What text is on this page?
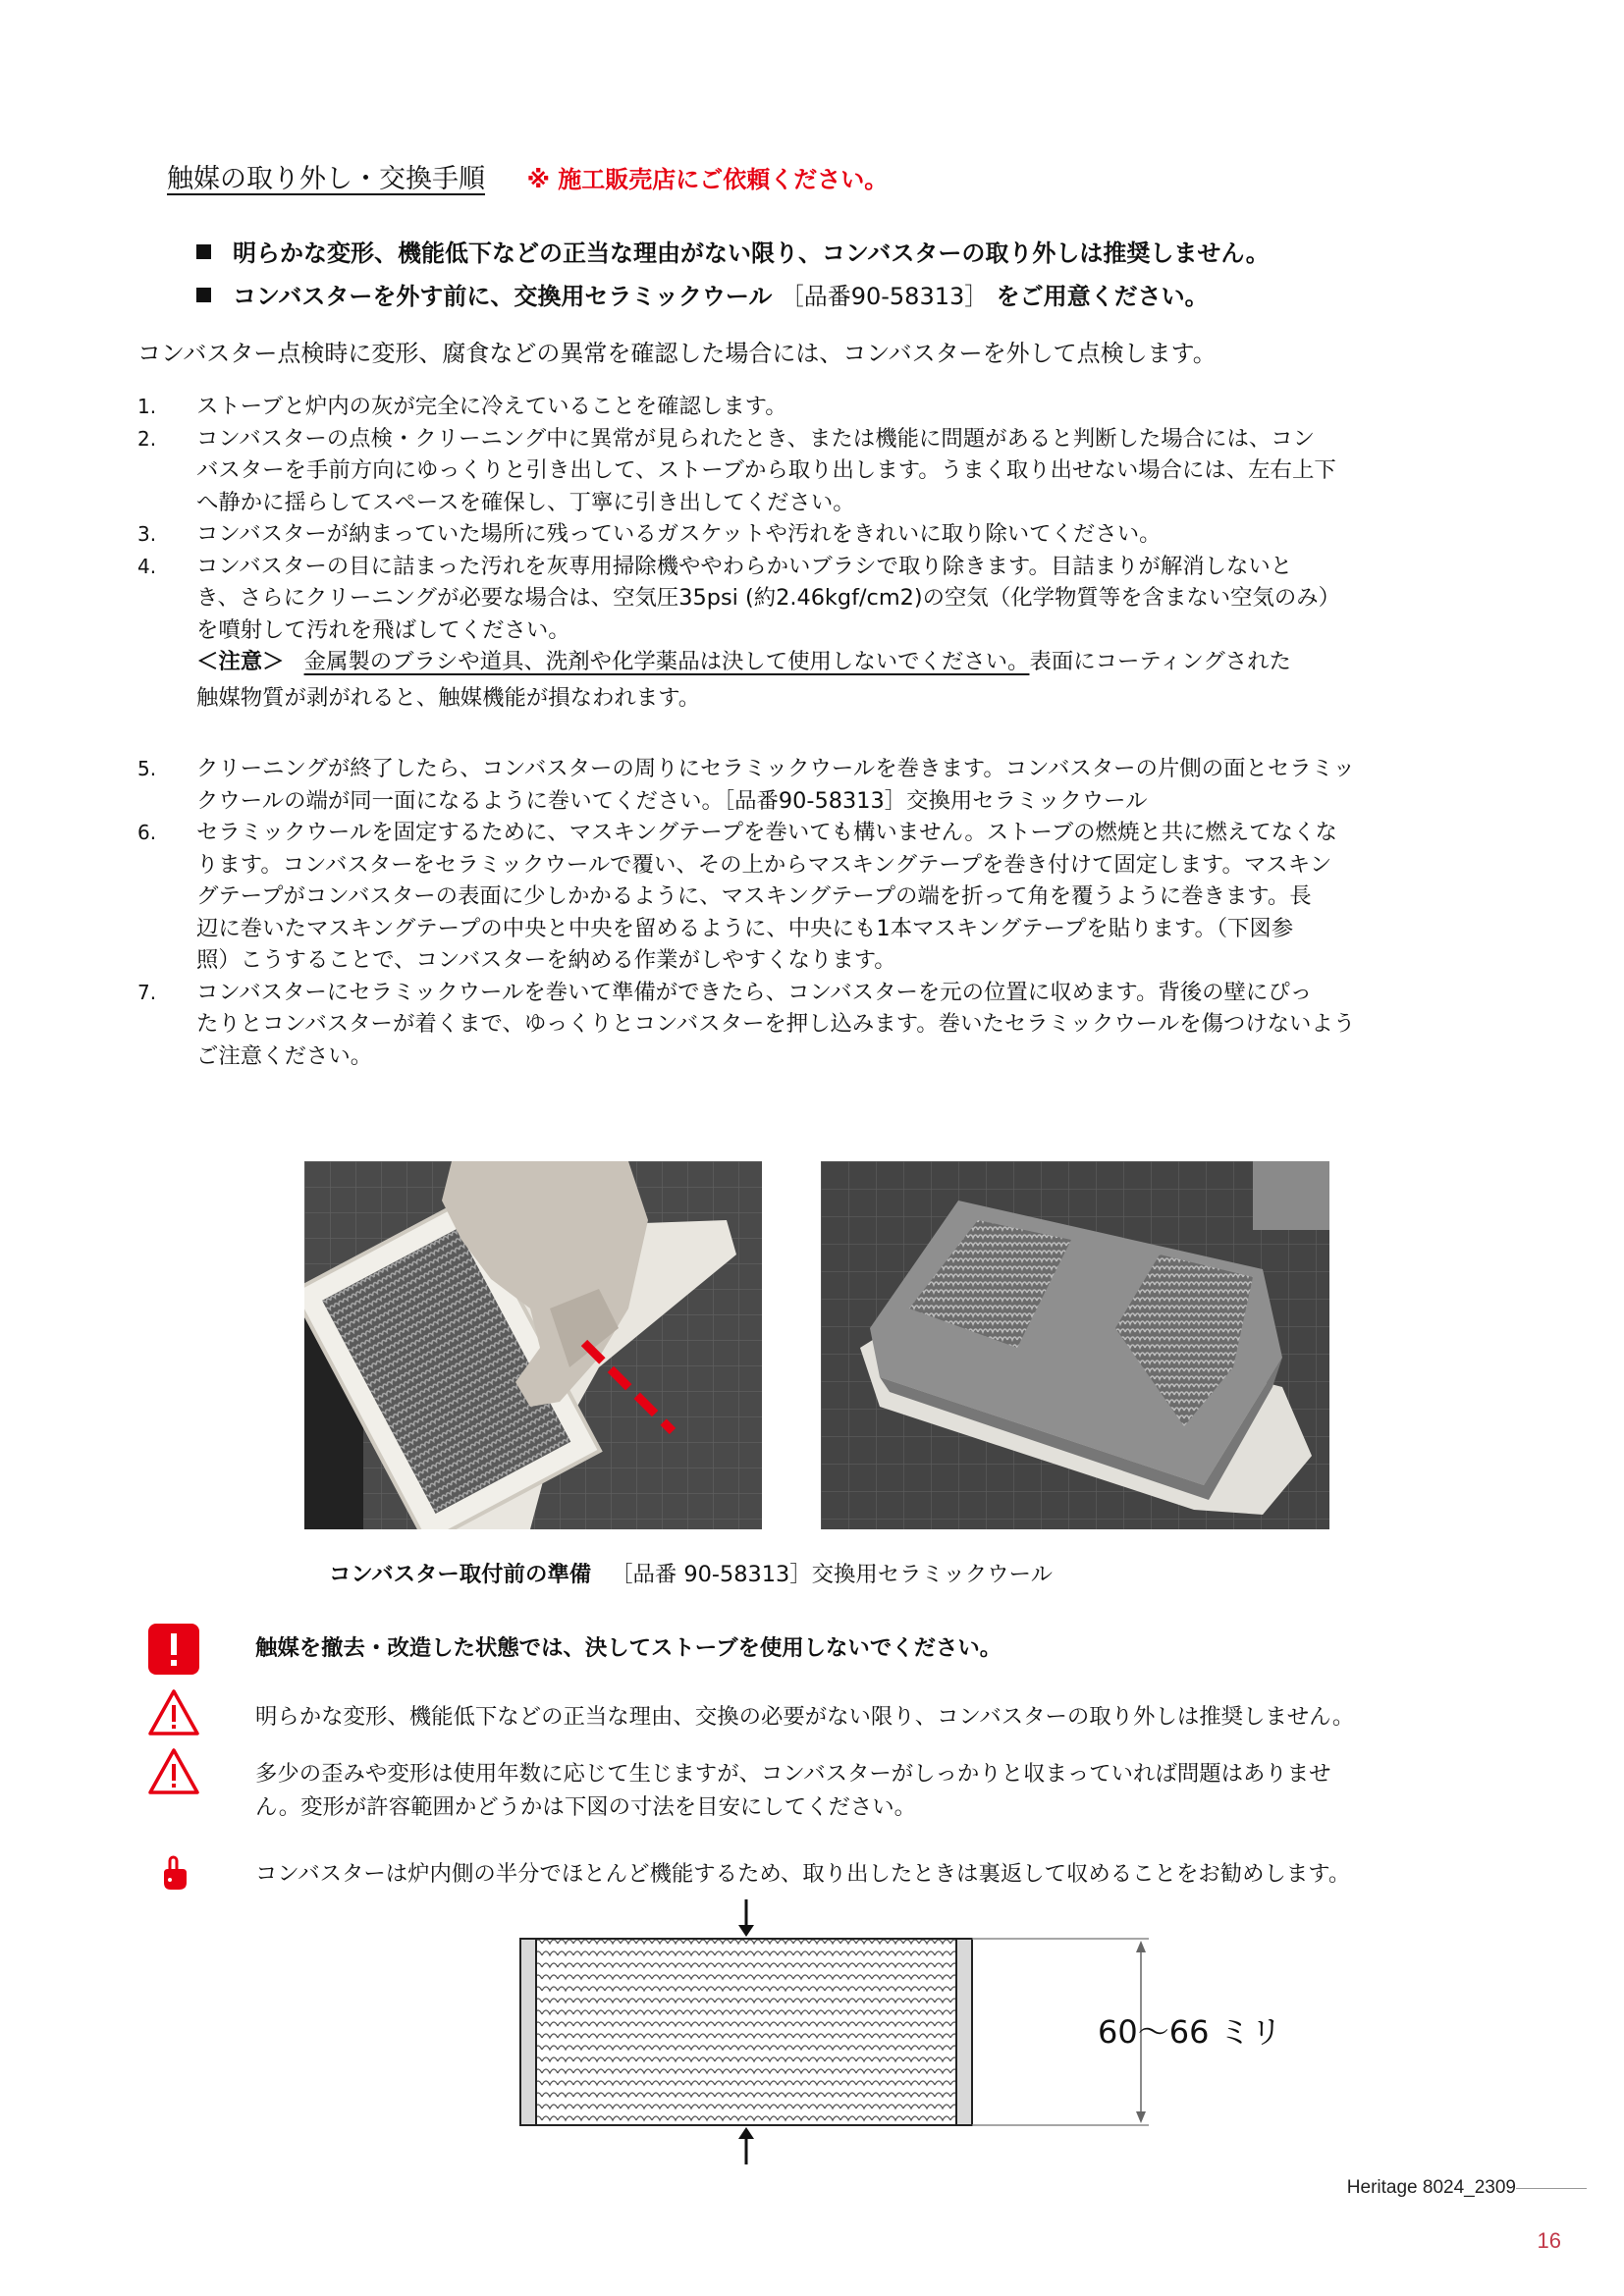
触媒の取り外し・交換手順 ※ 施工販売店にご依頼ください。
明らかな変形、機能低下などの正当な理由がない限り、コンバスターの取り外しは推奨しません。
コンバスターを外す前に、交換用セラミックウール ［品番90-58313］ をご用意ください。
コンバスター点検時に変形、腐食などの異常を確認した場合には、コンバスターを外して点検します。
1.	ストーブと炉内の灰が完全に冷えていることを確認します。
2.	コンバスターの点検・クリーニング中に異常が見られたとき、または機能に問題があると判断した場合には、コン
バスターを手前方向にゆっくりと引き出して、ストーブから取り出します。うまく取り出せない場合には、左右上下
へ静かに揺らしてスペースを確保し、丁寧に引き出してください。
3.	コンバスターが納まっていた場所に残っているガスケットや汚れをきれいに取り除いてください。
4.	コンバスターの目に詰まった汚れを灰専用掃除機ややわらかいブラシで取り除きます。目詰まりが解消しないと
き、さらにクリーニングが必要な場合は、空気圧35psi (約2.46kgf/cm2)の空気（化学物質等を含まない空気のみ）
を噴射して汚れを飛ばしてください。
＜注意＞ 金属製のブラシや道具、洗剤や化学薬品は決して使用しないでください。表面にコーティングされた
触媒物質が剥がれると、触媒機能が損なわれます。
5.	クリーニングが終了したら、コンバスターの周りにセラミックウールを巻きます。コンバスターの片側の面とセラミッ
クウールの端が同一面になるように巻いてください。［品番90-58313］交換用セラミックウール
6.	セラミックウールを固定するために、マスキングテープを巻いても構いません。ストーブの燃焼と共に燃えてなくな
ります。コンバスターをセラミックウールで覆い、その上からマスキングテープを巻き付けて固定します。マスキン
グテープがコンバスターの表面に少しかかるように、マスキングテープの端を折って角を覆うように巻きます。長
辺に巻いたマスキングテープの中央と中央を留めるように、中央にも1本マスキングテープを貼ります。（下図参
照）こうすることで、コンバスターを納める作業がしやすくなります。
7.	コンバスターにセラミックウールを巻いて準備ができたら、コンバスターを元の位置に収めます。背後の壁にぴっ
たりとコンバスターが着くまで、ゆっくりとコンバスターを押し込みます。巻いたセラミックウールを傷つけないよう
ご注意ください。
コンバスター取付前の準備 ［品番 90-58313］交換用セラミックウール
触媒を撤去・改造した状態では、決してストーブを使用しないでください。
明らかな変形、機能低下などの正当な理由、交換の必要がない限り、コンバスターの取り外しは推奨しません。
多少の歪みや変形は使用年数に応じて生じますが、コンバスターがしっかりと収まっていれば問題はありませ
ん。変形が許容範囲かどうかは下図の寸法を目安にしてください。
コンバスターは炉内側の半分でほとんど機能するため、取り出したときは裏返して収めることをお勧めします。
60～66 ミリ
Heritage 8024_2309
16
